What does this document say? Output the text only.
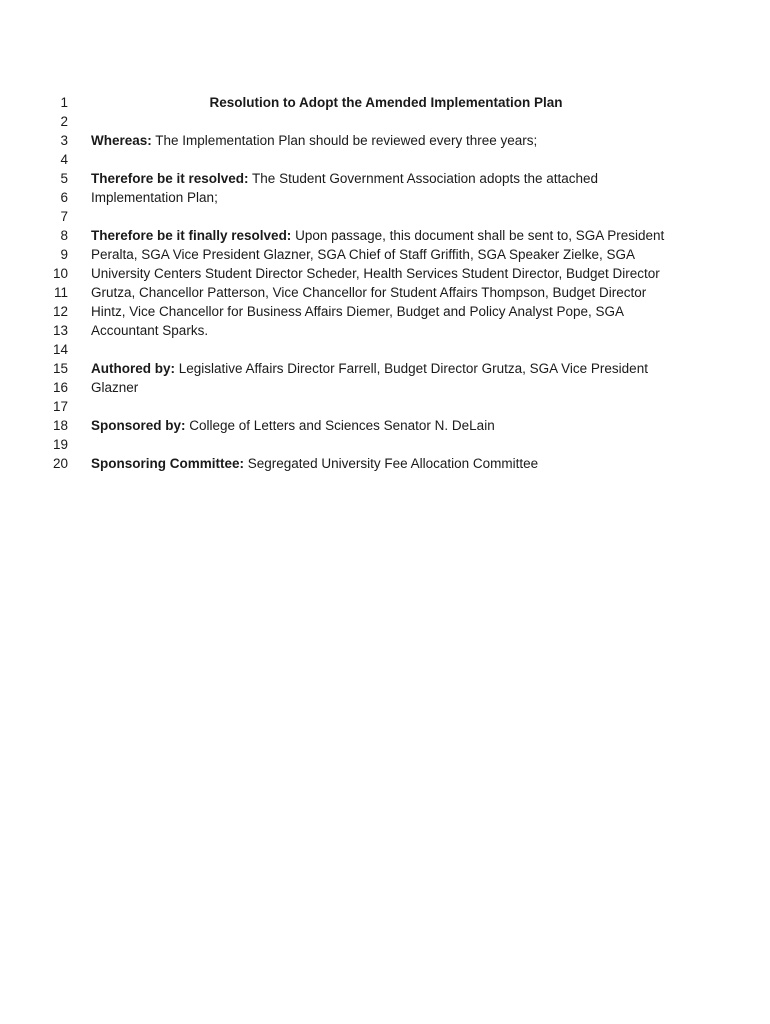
1	Resolution to Adopt the Amended Implementation Plan
2
3 Whereas: The Implementation Plan should be reviewed every three years;
4
5 Therefore be it resolved: The Student Government Association adopts the attached
6 Implementation Plan;
7
8 Therefore be it finally resolved: Upon passage, this document shall be sent to, SGA President
9 Peralta, SGA Vice President Glazner, SGA Chief of Staff Griffith, SGA Speaker Zielke, SGA
10 University Centers Student Director Scheder, Health Services Student Director, Budget Director
11 Grutza, Chancellor Patterson, Vice Chancellor for Student Affairs Thompson, Budget Director
12 Hintz, Vice Chancellor for Business Affairs Diemer, Budget and Policy Analyst Pope, SGA
13 Accountant Sparks.
14
15 Authored by: Legislative Affairs Director Farrell, Budget Director Grutza, SGA Vice President
16 Glazner
17
18 Sponsored by: College of Letters and Sciences Senator N. DeLain
19
20 Sponsoring Committee: Segregated University Fee Allocation Committee
